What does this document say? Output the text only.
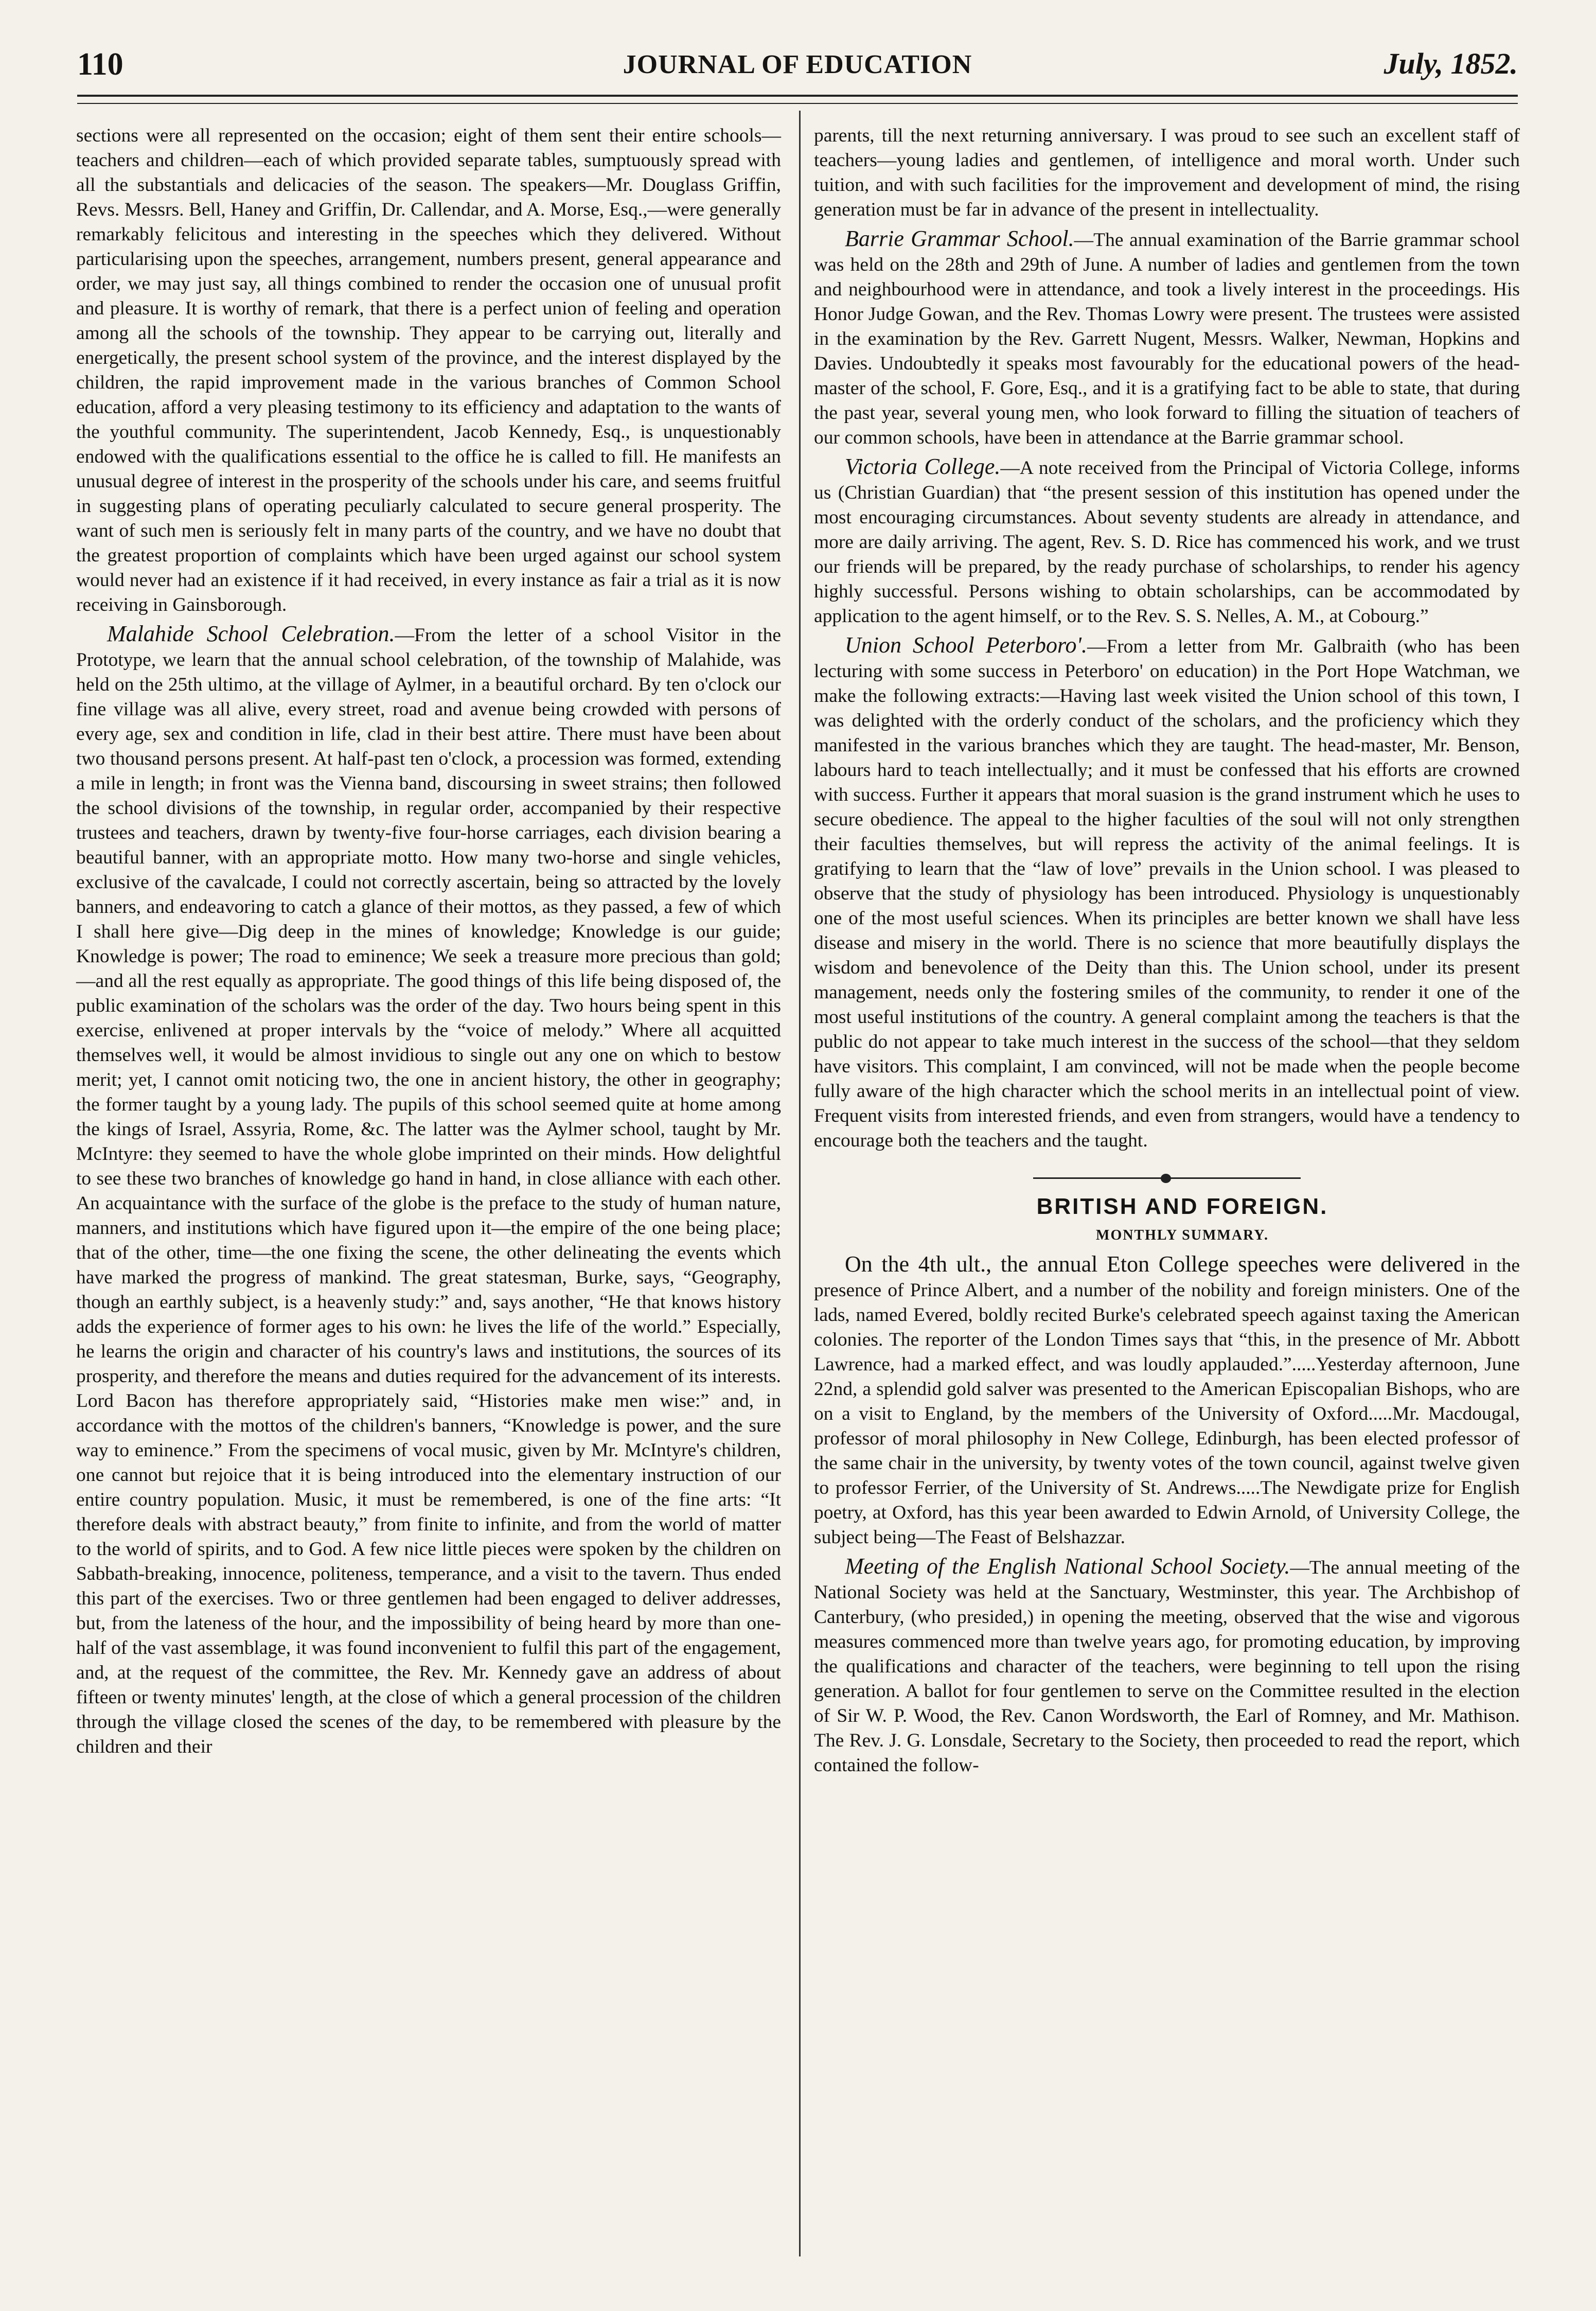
110	JOURNAL OF EDUCATION	July, 1852.

sections were all represented on the occasion; eight of them sent their entire schools—teachers and children—each of which provided separate tables, sumptuously spread with all the substantials and delicacies of the season. The speakers—Mr. Douglass Griffin, Revs. Messrs. Bell, Haney and Griffin, Dr. Callendar, and A. Morse, Esq.,—were generally remarkably felicitous and interesting in the speeches which they delivered. Without particularising upon the speeches, arrangement, numbers present, general appearance and order, we may just say, all things combined to render the occasion one of unusual profit and pleasure. It is worthy of remark, that there is a perfect union of feeling and operation among all the schools of the township. They appear to be carrying out, literally and energetically, the present school system of the province, and the interest displayed by the children, the rapid improvement made in the various branches of Common School education, afford a very pleasing testimony to its efficiency and adaptation to the wants of the youthful community. The superintendent, Jacob Kennedy, Esq., is unquestionably endowed with the qualifications essential to the office he is called to fill. He manifests an unusual degree of interest in the prosperity of the schools under his care, and seems fruitful in suggesting plans of operating peculiarly calculated to secure general prosperity. The want of such men is seriously felt in many parts of the country, and we have no doubt that the greatest proportion of complaints which have been urged against our school system would never had an existence if it had received, in every instance as fair a trial as it is now receiving in Gainsborough.

Malahide School Celebration.—From the letter of a school Visitor in the Prototype, we learn that the annual school celebration, of the township of Malahide, was held on the 25th ultimo, at the village of Aylmer, in a beautiful orchard. By ten o'clock our fine village was all alive, every street, road and avenue being crowded with persons of every age, sex and condition in life, clad in their best attire. There must have been about two thousand persons present. At half-past ten o'clock, a procession was formed, extending a mile in length; in front was the Vienna band, discoursing in sweet strains; then followed the school divisions of the township, in regular order, accompanied by their respective trustees and teachers, drawn by twenty-five four-horse carriages, each division bearing a beautiful banner, with an appropriate motto. How many two-horse and single vehicles, exclusive of the cavalcade, I could not correctly ascertain, being so attracted by the lovely banners, and endeavoring to catch a glance of their mottos, as they passed, a few of which I shall here give—Dig deep in the mines of knowledge; Knowledge is our guide; Knowledge is power; The road to eminence; We seek a treasure more precious than gold;—and all the rest equally as appropriate. The good things of this life being disposed of, the public examination of the scholars was the order of the day. Two hours being spent in this exercise, enlivened at proper intervals by the “voice of melody.” Where all acquitted themselves well, it would be almost invidious to single out any one on which to bestow merit; yet, I cannot omit noticing two, the one in ancient history, the other in geography; the former taught by a young lady. The pupils of this school seemed quite at home among the kings of Israel, Assyria, Rome, &c. The latter was the Aylmer school, taught by Mr. McIntyre: they seemed to have the whole globe imprinted on their minds. How delightful to see these two branches of knowledge go hand in hand, in close alliance with each other. An acquaintance with the surface of the globe is the preface to the study of human nature, manners, and institutions which have figured upon it—the empire of the one being place; that of the other, time—the one fixing the scene, the other delineating the events which have marked the progress of mankind. The great statesman, Burke, says, “Geography, though an earthly subject, is a heavenly study:” and, says another, “He that knows history adds the experience of former ages to his own: he lives the life of the world.” Especially, he learns the origin and character of his country's laws and institutions, the sources of its prosperity, and therefore the means and duties required for the advancement of its interests. Lord Bacon has therefore appropriately said, “Histories make men wise:” and, in accordance with the mottos of the children's banners, “Knowledge is power, and the sure way to eminence.” From the specimens of vocal music, given by Mr. McIntyre's children, one cannot but rejoice that it is being introduced into the elementary instruction of our entire country population. Music, it must be remembered, is one of the fine arts: “It therefore deals with abstract beauty,” from finite to infinite, and from the world of matter to the world of spirits, and to God. A few nice little pieces were spoken by the children on Sabbath-breaking, innocence, politeness, temperance, and a visit to the tavern. Thus ended this part of the exercises. Two or three gentlemen had been engaged to deliver addresses, but, from the lateness of the hour, and the impossibility of being heard by more than one-half of the vast assemblage, it was found inconvenient to fulfil this part of the engagement, and, at the request of the committee, the Rev. Mr. Kennedy gave an address of about fifteen or twenty minutes' length, at the close of which a general procession of the children through the village closed the scenes of the day, to be remembered with pleasure by the children and their

parents, till the next returning anniversary. I was proud to see such an excellent staff of teachers—young ladies and gentlemen, of intelligence and moral worth. Under such tuition, and with such facilities for the improvement and development of mind, the rising generation must be far in advance of the present in intellectuality.

Barrie Grammar School.—The annual examination of the Barrie grammar school was held on the 28th and 29th of June. A number of ladies and gentlemen from the town and neighbourhood were in attendance, and took a lively interest in the proceedings. His Honor Judge Gowan, and the Rev. Thomas Lowry were present. The trustees were assisted in the examination by the Rev. Garrett Nugent, Messrs. Walker, Newman, Hopkins and Davies. Undoubtedly it speaks most favourably for the educational powers of the head-master of the school, F. Gore, Esq., and it is a gratifying fact to be able to state, that during the past year, several young men, who look forward to filling the situation of teachers of our common schools, have been in attendance at the Barrie grammar school.

Victoria College.—A note received from the Principal of Victoria College, informs us (Christian Guardian) that “the present session of this institution has opened under the most encouraging circumstances. About seventy students are already in attendance, and more are daily arriving. The agent, Rev. S. D. Rice has commenced his work, and we trust our friends will be prepared, by the ready purchase of scholarships, to render his agency highly successful. Persons wishing to obtain scholarships, can be accommodated by application to the agent himself, or to the Rev. S. S. Nelles, A. M., at Cobourg.”

Union School Peterboro'.—From a letter from Mr. Galbraith (who has been lecturing with some success in Peterboro' on education) in the Port Hope Watchman, we make the following extracts:—Having last week visited the Union school of this town, I was delighted with the orderly conduct of the scholars, and the proficiency which they manifested in the various branches which they are taught. The head-master, Mr. Benson, labours hard to teach intellectually; and it must be confessed that his efforts are crowned with success. Further it appears that moral suasion is the grand instrument which he uses to secure obedience. The appeal to the higher faculties of the soul will not only strengthen their faculties themselves, but will repress the activity of the animal feelings. It is gratifying to learn that the “law of love” prevails in the Union school. I was pleased to observe that the study of physiology has been introduced. Physiology is unquestionably one of the most useful sciences. When its principles are better known we shall have less disease and misery in the world. There is no science that more beautifully displays the wisdom and benevolence of the Deity than this. The Union school, under its present management, needs only the fostering smiles of the community, to render it one of the most useful institutions of the country. A general complaint among the teachers is that the public do not appear to take much interest in the success of the school—that they seldom have visitors. This complaint, I am convinced, will not be made when the people become fully aware of the high character which the school merits in an intellectual point of view. Frequent visits from interested friends, and even from strangers, would have a tendency to encourage both the teachers and the taught.

BRITISH AND FOREIGN.

MONTHLY SUMMARY.

On the 4th ult., the annual Eton College speeches were delivered in the presence of Prince Albert, and a number of the nobility and foreign ministers. One of the lads, named Evered, boldly recited Burke's celebrated speech against taxing the American colonies. The reporter of the London Times says that “this, in the presence of Mr. Abbott Lawrence, had a marked effect, and was loudly applauded.”.....Yesterday afternoon, June 22nd, a splendid gold salver was presented to the American Episcopalian Bishops, who are on a visit to England, by the members of the University of Oxford.....Mr. Macdougal, professor of moral philosophy in New College, Edinburgh, has been elected professor of the same chair in the university, by twenty votes of the town council, against twelve given to professor Ferrier, of the University of St. Andrews.....The Newdigate prize for English poetry, at Oxford, has this year been awarded to Edwin Arnold, of University College, the subject being—The Feast of Belshazzar.

Meeting of the English National School Society.—The annual meeting of the National Society was held at the Sanctuary, Westminster, this year. The Archbishop of Canterbury, (who presided,) in opening the meeting, observed that the wise and vigorous measures commenced more than twelve years ago, for promoting education, by improving the qualifications and character of the teachers, were beginning to tell upon the rising generation. A ballot for four gentlemen to serve on the Committee resulted in the election of Sir W. P. Wood, the Rev. Canon Wordsworth, the Earl of Romney, and Mr. Mathison. The Rev. J. G. Lonsdale, Secretary to the Society, then proceeded to read the report, which contained the follow-
